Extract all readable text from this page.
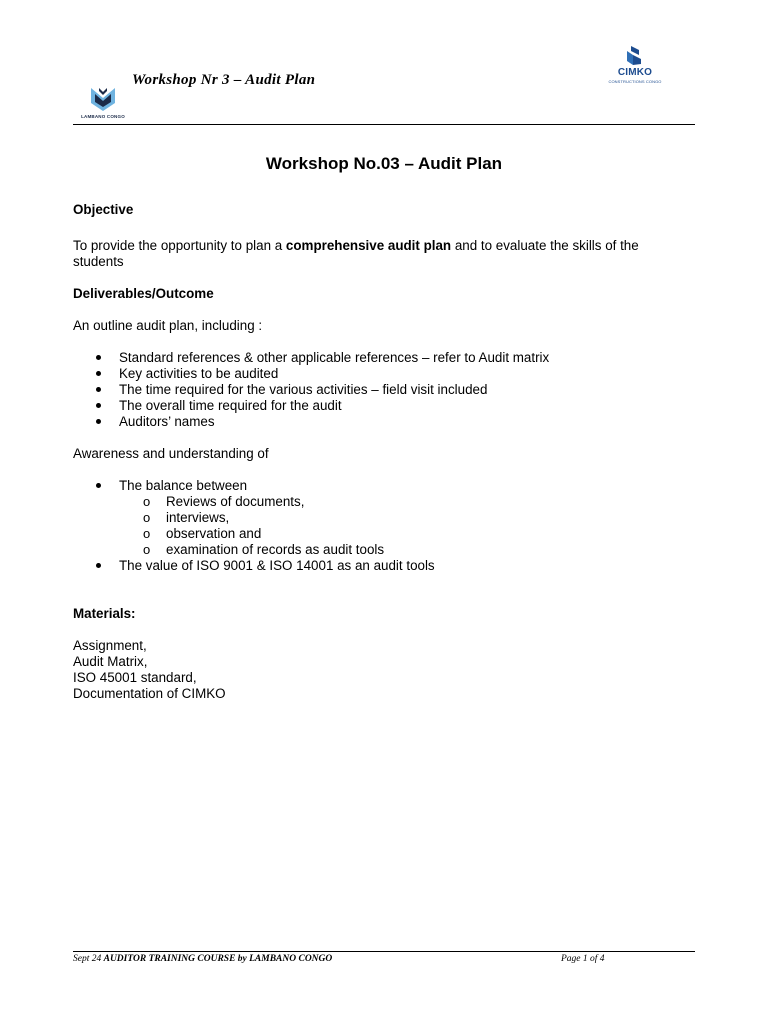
Workshop Nr 3 – Audit Plan
LAMBANO CONGO
CIMKO
CONSTRUCTIONS CONGO
Workshop No.03 – Audit Plan

Objective

To provide the opportunity to plan a comprehensive audit plan and to evaluate the skills of the students

Deliverables/Outcome

An outline audit plan, including :

Standard references & other applicable references – refer to Audit matrix
Key activities to be audited
The time required for the various activities – field visit included
The overall time required for the audit
Auditors’ names

Awareness and understanding of

The balance between
o Reviews of documents,
o interviews,
o observation and
o examination of records as audit tools
The value of ISO 9001 & ISO 14001 as an audit tools

Materials:

Assignment,

Audit Matrix,

ISO 45001 standard,

Documentation of CIMKO

Sept 24 AUDITOR TRAINING COURSE by LAMBANO CONGO	Page 1 of 4
